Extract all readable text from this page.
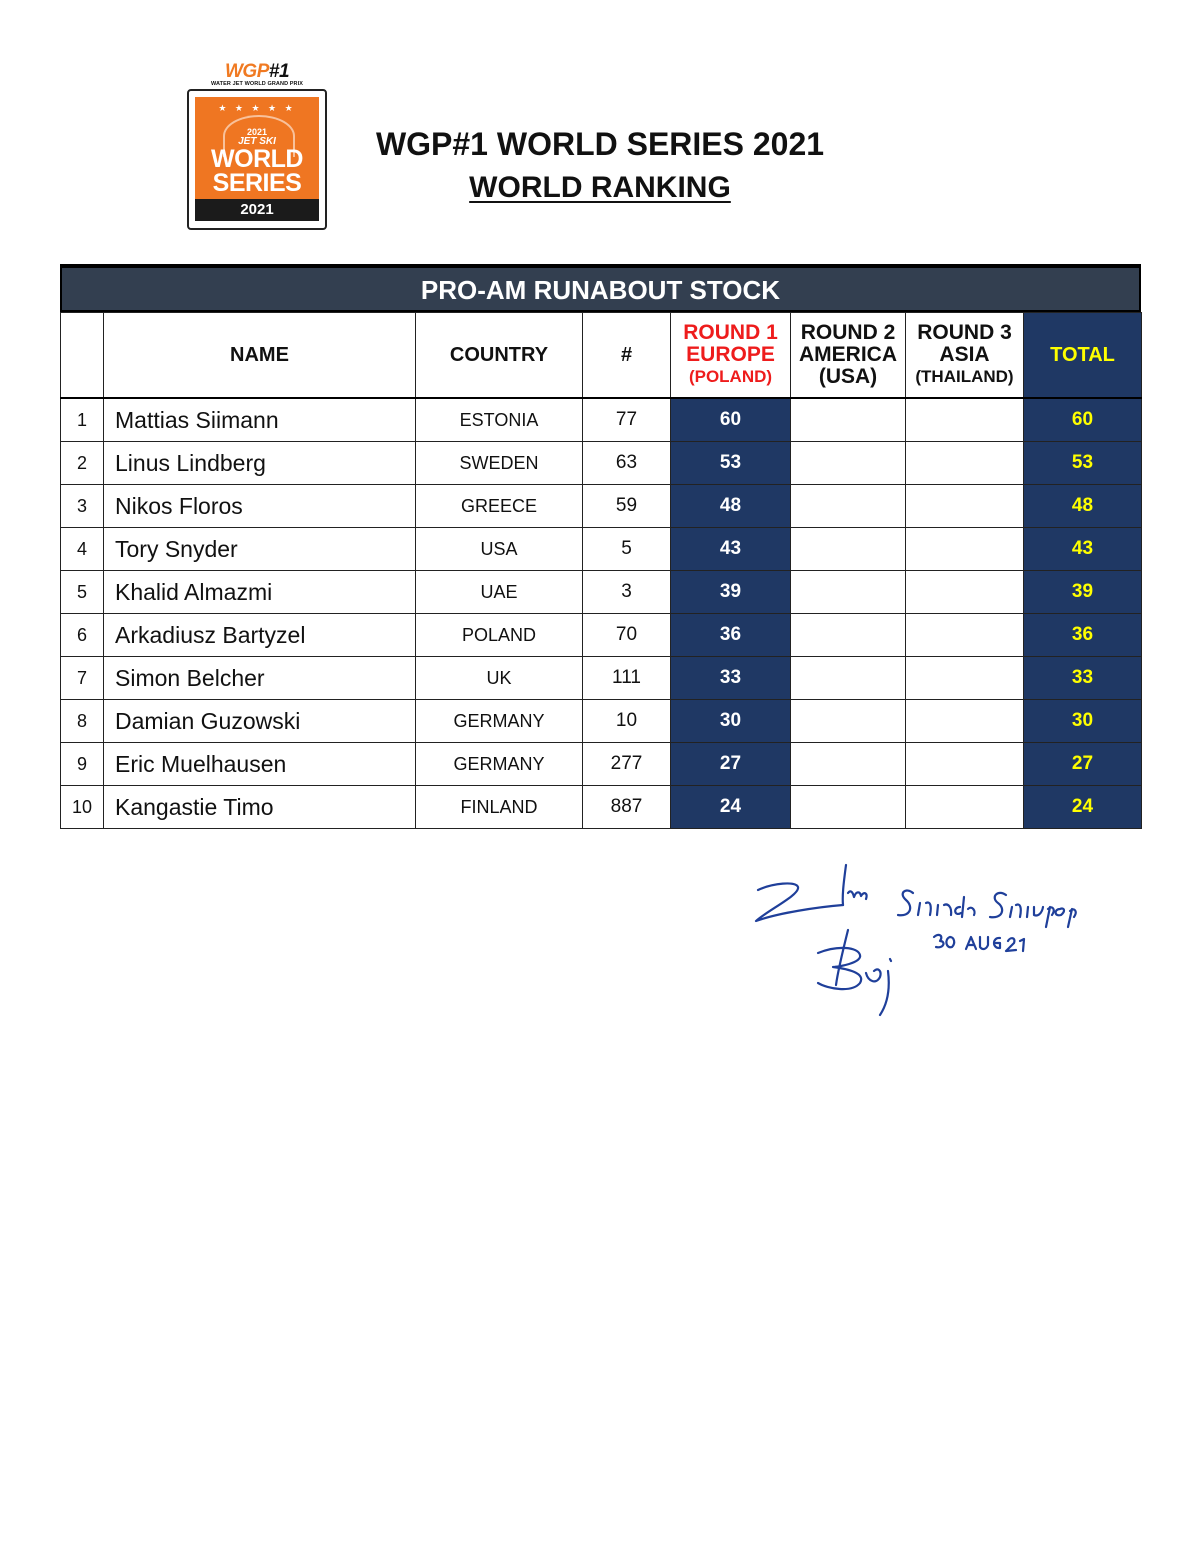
WGP#1
WATER JET WORLD GRAND PRIX
★ ★ ★ ★ ★
2021
JET SKI
WORLD
SERIES
2021
WGP#1 WORLD SERIES 2021
WORLD RANKING
PRO-AM RUNABOUT STOCK
	NAME	COUNTRY	#	ROUND 1
EUROPE
(POLAND)	ROUND 2
AMERICA
(USA)	ROUND 3
ASIA
(THAILAND)	TOTAL
1	Mattias Siimann	ESTONIA	77	60			60
2	Linus Lindberg	SWEDEN	63	53			53
3	Nikos Floros	GREECE	59	48			48
4	Tory Snyder	USA	5	43			43
5	Khalid Almazmi	UAE	3	39			39
6	Arkadiusz Bartyzel	POLAND	70	36			36
7	Simon Belcher	UK	111	33			33
8	Damian Guzowski	GERMANY	10	30			30
9	Eric Muelhausen	GERMANY	277	27			27
10	Kangastie Timo	FINLAND	887	24			24
